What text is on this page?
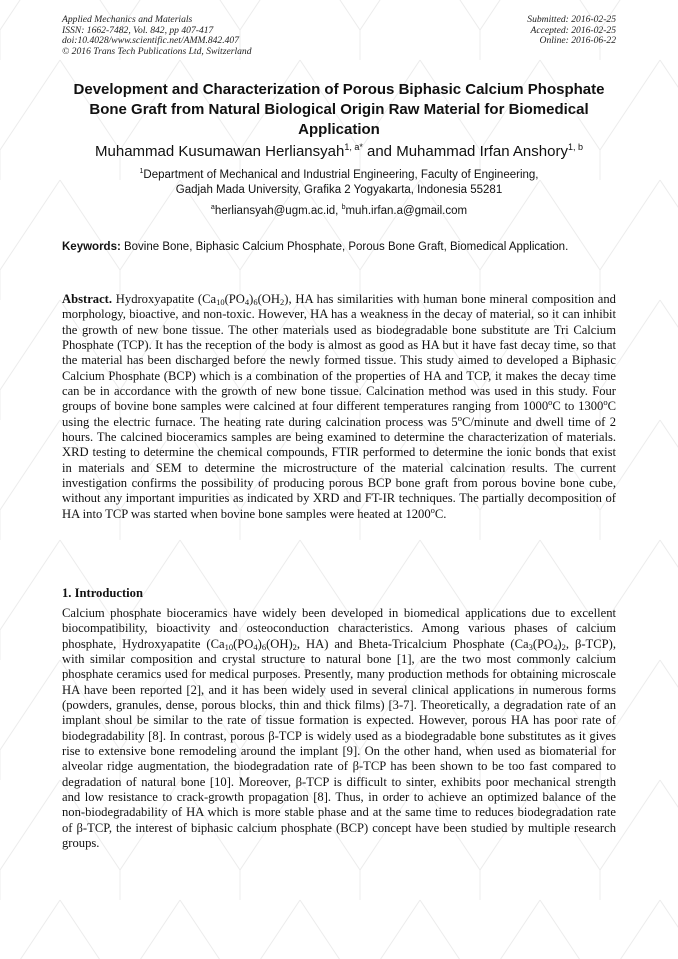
Applied Mechanics and Materials
ISSN: 1662-7482, Vol. 842, pp 407-417
doi:10.4028/www.scientific.net/AMM.842.407
© 2016 Trans Tech Publications Ltd, Switzerland
Submitted: 2016-02-25
Accepted: 2016-02-25
Online: 2016-06-22
Development and Characterization of Porous Biphasic Calcium Phosphate Bone Graft from Natural Biological Origin Raw Material for Biomedical Application
Muhammad Kusumawan Herliansyah$^{1, a*}$ and Muhammad Irfan Anshory$^{1, b}$
$^1$Department of Mechanical and Industrial Engineering, Faculty of Engineering,
Gadjah Mada University, Grafika 2 Yogyakarta, Indonesia 55281
$^a$herliansyah@ugm.ac.id, $^b$muh.irfan.a@gmail.com
Keywords: Bovine Bone, Biphasic Calcium Phosphate, Porous Bone Graft, Biomedical Application.
Abstract. Hydroxyapatite ($Ca_{10}(PO_4)_6(OH_2)$, HA has similarities with human bone mineral composition and morphology, bioactive, and non-toxic. However, HA has a weakness in the decay of material, so it can inhibit the growth of new bone tissue. The other materials used as biodegradable bone substitute are Tri Calcium Phosphate (TCP). It has the reception of the body is almost as good as HA but it have fast decay time, so that the material has been discharged before the newly formed tissue. This study aimed to developed a Biphasic Calcium Phosphate (BCP) which is a combination of the properties of HA and TCP, it makes the decay time can be in accordance with the growth of new bone tissue. Calcination method was used in this study. Four groups of bovine bone samples were calcined at four different temperatures ranging from 1000$^o$C to 1300$^o$C using the electric furnace. The heating rate during calcination process was 5$^o$C/minute and dwell time of 2 hours. The calcined bioceramics samples are being examined to determine the characterization of materials. XRD testing to determine the chemical compounds, FTIR performed to determine the ionic bonds that exist in materials and SEM to determine the microstructure of the material calcination results. The current investigation confirms the possibility of producing porous BCP bone graft from porous bovine bone cube, without any important impurities as indicated by XRD and FT-IR techniques. The partially decomposition of HA into TCP was started when bovine bone samples were heated at 1200$^o$C.
1. Introduction
Calcium phosphate bioceramics have widely been developed in biomedical applications due to excellent biocompatibility, bioactivity and osteoconduction characteristics. Among various phases of calcium phosphate, Hydroxyapatite ($Ca_{10}(PO_4)_6(OH)_2$, HA) and Bheta-Tricalcium Phosphate ($Ca_3(PO_4)_2$, β-TCP), with similar composition and crystal structure to natural bone [1], are the two most commonly calcium phosphate ceramics used for medical purposes. Presently, many production methods for obtaining microscale HA have been reported [2], and it has been widely used in several clinical applications in numerous forms (powders, granules, dense, porous blocks, thin and thick films) [3-7]. Theoretically, a degradation rate of an implant shoul be similar to the rate of tissue formation is expected. However, porous HA has poor rate of biodegradability [8]. In contrast, porous β-TCP is widely used as a biodegradable bone substitutes as it gives rise to extensive bone remodeling around the implant [9]. On the other hand, when used as biomaterial for alveolar ridge augmentation, the biodegradation rate of β-TCP has been shown to be too fast compared to degradation of natural bone [10]. Moreover, β-TCP is difficult to sinter, exhibits poor mechanical strength and low resistance to crack-growth propagation [8]. Thus, in order to achieve an optimized balance of the non-biodegradability of HA which is more stable phase and at the same time to reduces biodegradation rate of β-TCP, the interest of biphasic calcium phosphate (BCP) concept have been studied by multiple research groups.
